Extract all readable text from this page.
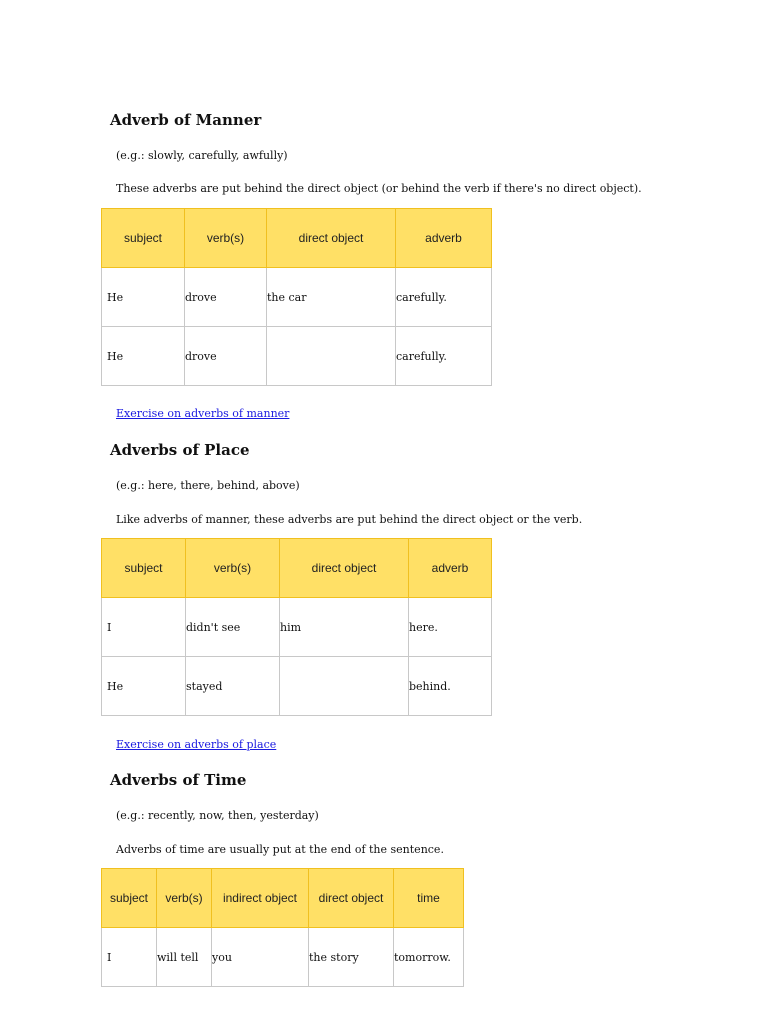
Adverb of Manner
(e.g.: slowly, carefully, awfully)
These adverbs are put behind the direct object (or behind the verb if there's no direct object).
subject	verb(s)	direct object	adverb
He	drove	the car	carefully.
He	drove		carefully.
Exercise on adverbs of manner
Adverbs of Place
(e.g.: here, there, behind, above)
Like adverbs of manner, these adverbs are put behind the direct object or the verb.
subject	verb(s)	direct object	adverb
I	didn't see	him	here.
He	stayed		behind.
Exercise on adverbs of place
Adverbs of Time
(e.g.: recently, now, then, yesterday)
Adverbs of time are usually put at the end of the sentence.
subject	verb(s)	indirect object	direct object	time
I	will tell	you	the story	tomorrow.
